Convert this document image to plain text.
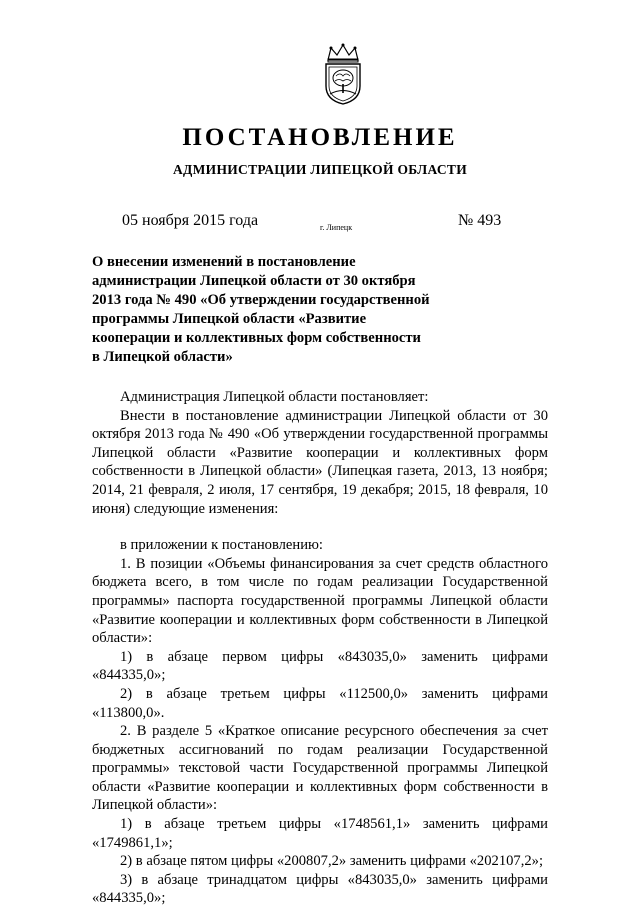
ПОСТАНОВЛЕНИЕ
АДМИНИСТРАЦИИ ЛИПЕЦКОЙ ОБЛАСТИ
05 ноября 2015 года	г. Липецк	№ 493
О внесении изменений в постановление администрации Липецкой области от 30 октября 2013 года № 490 «Об утверждении государственной программы Липецкой области «Развитие кооперации и коллективных форм собственности в Липецкой области»

Администрация Липецкой области постановляет:

Внести в постановление администрации Липецкой области от 30 октября 2013 года № 490 «Об утверждении государственной программы Липецкой области «Развитие кооперации и коллективных форм собственности в Липецкой области» (Липецкая газета, 2013, 13 ноября; 2014, 21 февраля, 2 июля, 17 сентября, 19 декабря; 2015, 18 февраля, 10 июня) следующие изменения:

в приложении к постановлению:

1. В позиции «Объемы финансирования за счет средств областного бюджета всего, в том числе по годам реализации Государственной программы» паспорта государственной программы Липецкой области «Развитие кооперации и коллективных форм собственности в Липецкой области»:

1) в абзаце первом цифры «843035,0» заменить цифрами «844335,0»;

2) в абзаце третьем цифры «112500,0» заменить цифрами «113800,0».

2. В разделе 5 «Краткое описание ресурсного обеспечения за счет бюджетных ассигнований по годам реализации Государственной программы» текстовой части Государственной программы Липецкой области «Развитие кооперации и коллективных форм собственности в Липецкой области»:

1) в абзаце третьем цифры «1748561,1» заменить цифрами «1749861,1»;

2) в абзаце пятом цифры «200807,2» заменить цифрами «202107,2»;

3) в абзаце тринадцатом цифры «843035,0» заменить цифрами «844335,0»;
